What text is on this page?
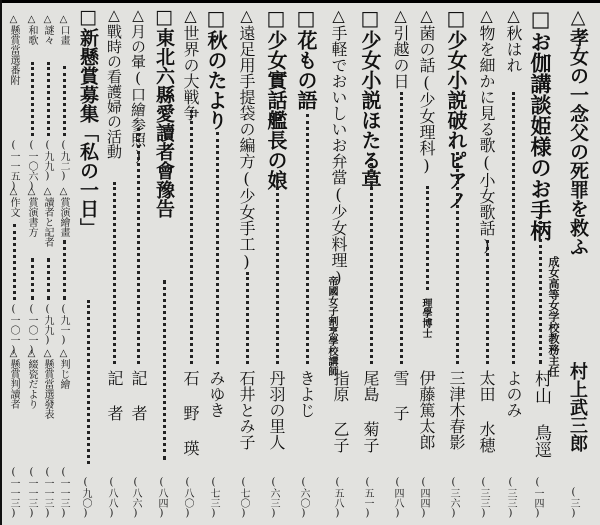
△孝女の一念父の死罪を救ふ
成女高等女学校教務主任
村上武三郎
(三)
□お伽講談姫様のお手柄
村山 鳥逕
(一四)
△秋はれ
よのみ
(三三)
△物を細かに見る歌(小女歌話)
太田 水穂
(三三)
□少女小説破れピアノ
三津木春影
(三六)
△菌の話(少女理科)
理學博士
伊藤篤太郎
(四四)
△引越の日
雪 子
(四八)
□少女小説ほたる草
尾島 菊子
(五一)
△手軽でおいしいお弁當(少女料理)
帝國女子割烹學校講師
指原 乙子
(五八)
□花もの語
きよじ
(六〇)
□少女實話艦長の娘
丹羽の里人
(六三)
△遠足用手提袋の編方(少女手工)
石井とみ子
(七〇)
□秋のたより
みゆき
(七三)
△世界の大戦争
石 野 瑛
(八〇)
□東北六縣愛讀者會豫告
(八四)
△月の暈(口繪参照)
記 者
(八六)
△戰時の看護婦の活動
記 者
(八八)
□新懸賞募集「私の一日」
(九〇)
△口畫
(九二)
△賞演繪畫
(九一)
△判じ繪
(一一三)
△謎々
(九九)
△讀者と記者
(九九)
△懸賞當選發表
(一一三)
△和歌
(一〇六)
△賞演書方
(一〇一)
△綴瓷だより
(一一三)
△懸賞當選番附
(一一五)
△作文
(一〇一)
△懸賞判讀者
(一一三)
